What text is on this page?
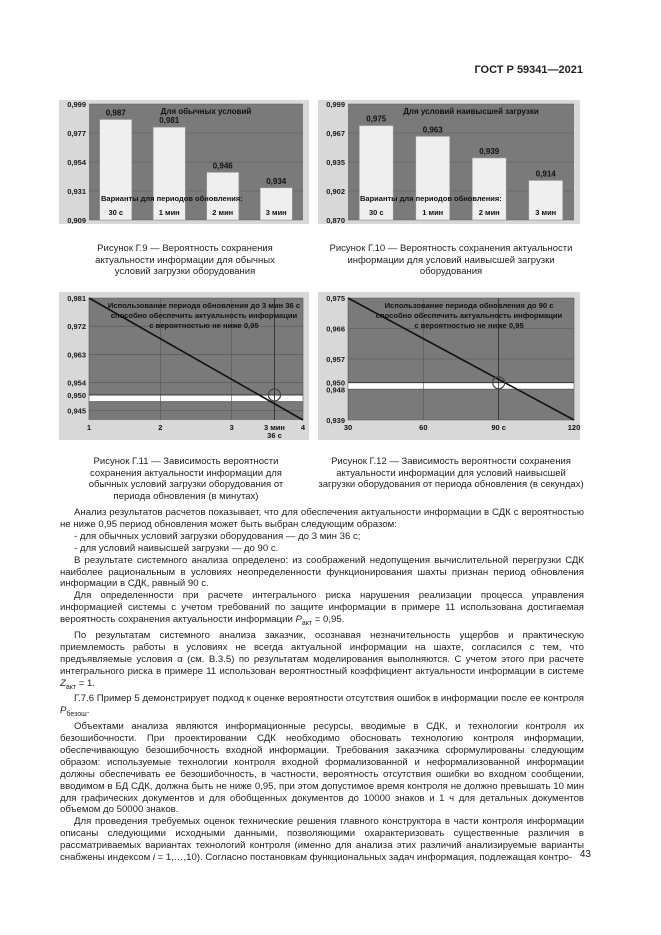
ГОСТ Р 59341—2021
0,999
0,977
0,954
0,931
0,909
0,987
30 с
0,981
1 мин
0,946
2 мин
0,934
3 мин
Для обычных условий
Варианты для периодов обновления:
Рисунок Г.9 — Вероятность сохранения актуальности информации для обычных условий загрузки оборудования
0,999
0,967
0,935
0,902
0,870
0,975
30 с
0,963
1 мин
0,939
2 мин
0,914
3 мин
Для условий наивысшей загрузки
Варианты для периодов обновления:
Рисунок Г.10 — Вероятность сохранения актуальности информации для условий наивысшей загрузки оборудования
0,981
0,972
0,963
0,954
0,950
0,945
1	2	3	3 мин 4
36 с
Использование периода обновления до 3 мин 36 с
способно обеспечить актуальность информации
с вероятностью не ниже 0,95
Рисунок Г.11 — Зависимость вероятности сохранения актуальности информации для обычных условий загрузки оборудования от периода обновления (в минутах)
0,975
0,966
0,957
0,950
0,948
0,939
30	60	90 с	120
Использование периода обновления до 90 с
способно обеспечить актуальность информации
с вероятностью не ниже 0,95
Рисунок Г.12 — Зависимость вероятности сохранения актуальности информации для условий наивысшей загрузки оборудования от периода обновления (в секундах)

Анализ результатов расчетов показывает, что для обеспечения актуальности информации в СДК с вероятностью не ниже 0,95 период обновления может быть выбран следующим образом:

- для обычных условий загрузки оборудования — до 3 мин 36 с;

- для условий наивысшей загрузки — до 90 с.

В результате системного анализа определено: из соображений недопущения вычислительной перегрузки СДК наиболее рациональным в условиях неопределенности функционирования шахты признан период обновления информации в СДК, равный 90 с.

Для определенности при расчете интегрального риска нарушения реализации процесса управления информацией системы с учетом требований по защите информации в примере 11 использована достигаемая вероятность сохранения актуальности информации $P_{акт} = 0,95$.

По результатам системного анализа заказчик, осознавая незначительность ущербов и практическую приемлемость работы в условиях не всегда актуальной информации на шахте, согласился с тем, что предъявляемые условия α (см. В.3.5) по результатам моделирования выполняются. С учетом этого при расчете интегрального риска в примере 11 использован вероятностный коэффициент актуальности информации в системе $Z_{акт} = 1$.

Г.7.6 Пример 5 демонстрирует подход к оценке вероятности отсутствия ошибок в информации после ее контроля $P_{безош}$.

Объектами анализа являются информационные ресурсы, вводимые в СДК, и технологии контроля их безошибочности. При проектировании СДК необходимо обосновать технологию контроля информации, обеспечивающую безошибочность входной информации. Требования заказчика сформулированы следующим образом: используемые технологии контроля входной формализованной и неформализованной информации должны обеспечивать ее безошибочность, в частности, вероятность отсутствия ошибки во входном сообщении, вводимом в БД СДК, должна быть не ниже 0,95, при этом допустимое время контроля не должно превышать 10 мин для графических документов и для обобщенных документов до 10000 знаков и 1 ч для детальных документов объемом до 50000 знаков.

Для проведения требуемых оценок технические решения главного конструктора в части контроля информации описаны следующими исходными данными, позволяющими охарактеризовать существенные различия в рассматриваемых вариантах технологий контроля (именно для анализа этих различий анализируемые варианты снабжены индексом i = 1,…,10). Согласно постановкам функциональных задач информация, подлежащая контро- 43
